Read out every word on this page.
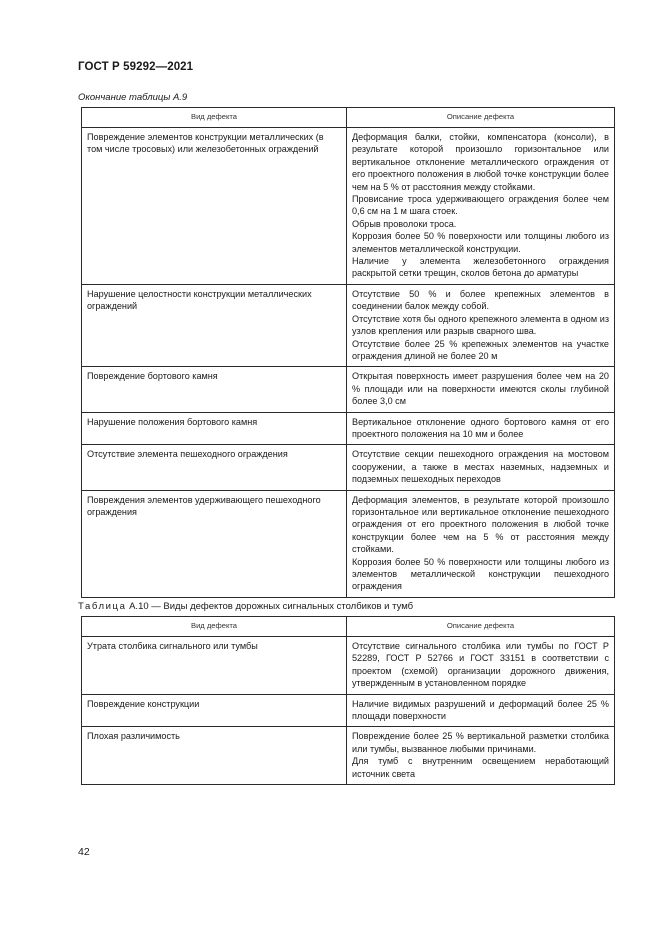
ГОСТ Р 59292—2021
Окончание таблицы А.9
Вид дефекта	Описание дефекта
Повреждение элементов конструкции металлических (в том числе тросовых) или железобетонных ограждений	Деформация балки, стойки, компенсатора (консоли), в результате которой произошло горизонтальное или вертикальное отклонение металлического ограждения от его проектного положения в любой точке конструкции более чем на 5 % от расстояния между стойками.
Провисание троса удерживающего ограждения более чем 0,6 см на 1 м шага стоек.
Обрыв проволоки троса.
Коррозия более 50 % поверхности или толщины любого из элементов металлической конструкции.
Наличие у элемента железобетонного ограждения раскрытой сетки трещин, сколов бетона до арматуры

Нарушение целостности конструкции металлических ограждений	Отсутствие 50 % и более крепежных элементов в соединении балок между собой.
Отсутствие хотя бы одного крепежного элемента в одном из узлов крепления или разрыв сварного шва.
Отсутствие более 25 % крепежных элементов на участке ограждения длиной не более 20 м

Повреждение бортового камня	Открытая поверхность имеет разрушения более чем на 20 % площади или на поверхности имеются сколы глубиной более 3,0 см

Нарушение положения бортового камня	Вертикальное отклонение одного бортового камня от его проектного положения на 10 мм и более

Отсутствие элемента пешеходного ограждения	Отсутствие секции пешеходного ограждения на мостовом сооружении, а также в местах наземных, надземных и подземных пешеходных переходов

Повреждения элементов удерживающего пешеходного ограждения	Деформация элементов, в результате которой произошло горизонтальное или вертикальное отклонение пешеходного ограждения от его проектного положения в любой точке конструкции более чем на 5 % от расстояния между стойками.
Коррозия более 50 % поверхности или толщины любого из элементов металлической конструкции пешеходного ограждения
Таблица А.10 — Виды дефектов дорожных сигнальных столбиков и тумб
Вид дефекта	Описание дефекта
Утрата столбика сигнального или тумбы	Отсутствие сигнального столбика или тумбы по ГОСТ Р 52289, ГОСТ Р 52766 и ГОСТ 33151 в соответствии с проектом (схемой) организации дорожного движения, утвержденным в установленном порядке

Повреждение конструкции	Наличие видимых разрушений и деформаций более 25 % площади поверхности

Плохая различимость	Повреждение более 25 % вертикальной разметки столбика или тумбы, вызванное любыми причинами.
Для тумб с внутренним освещением неработающий источник света
42
